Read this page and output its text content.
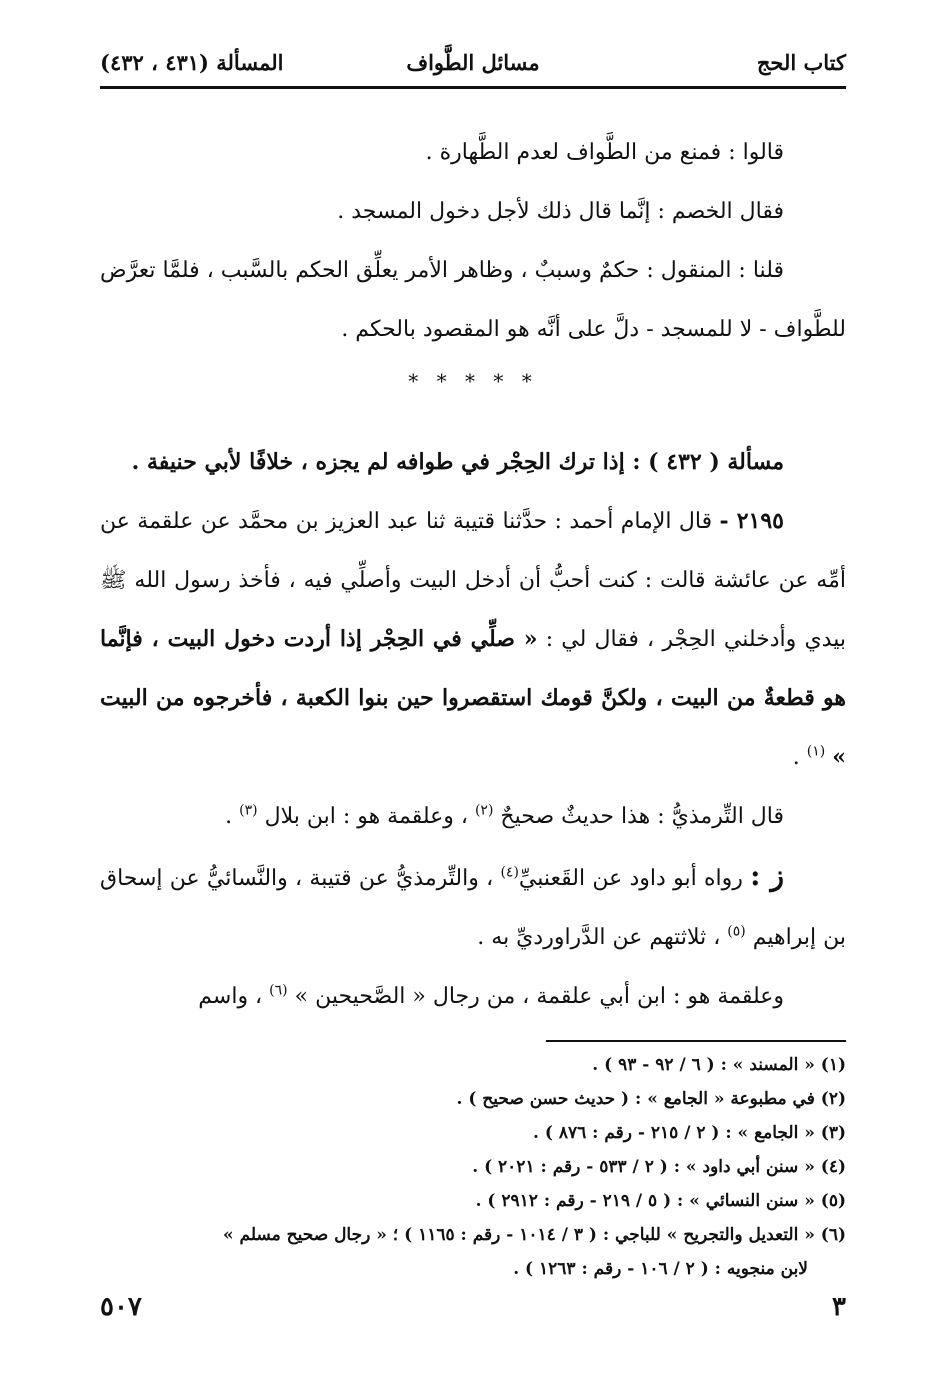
كتاب الحج
مسائل الطَّواف
المسألة (٤٣١ ، ٤٣٢)

قالوا : فمنع من الطَّواف لعدم الطَّهارة .

فقال الخصم : إنَّما قال ذلك لأجل دخول المسجد .

قلنا : المنقول : حكمٌ وسببٌ ، وظاهر الأمر يعلِّق الحكم بالسَّبب ، فلمَّا تعرَّض للطَّواف - لا للمسجد - دلَّ على أنَّه هو المقصود بالحكم .

* * * * *

مسألة ( ٤٣٢ ) : إذا ترك الحِجْر في طوافه لم يجزه ، خلافًا لأبي حنيفة .

٢١٩٥ - قال الإمام أحمد : حدَّثنا قتيبة ثنا عبد العزيز بن محمَّد عن علقمة عن أمِّه عن عائشة قالت : كنت أحبُّ أن أدخل البيت وأصلِّي فيه ، فأخذ رسول الله ﷺ بيدي وأدخلني الحِجْر ، فقال لي : « صلِّي في الحِجْر إذا أردت دخول البيت ، فإنَّما هو قطعةٌ من البيت ، ولكنَّ قومك استقصروا حين بنوا الكعبة ، فأخرجوه من البيت » $^{(١)}$ .

قال التِّرمذيُّ : هذا حديثٌ صحيحٌ $^{(٢)}$ ، وعلقمة هو : ابن بلال $^{(٣)}$ .

ز : رواه أبو داود عن القَعنبيِّ$^{(٤)}$ ، والتِّرمذيُّ عن قتيبة ، والنَّسائيُّ عن إسحاق بن إبراهيم $^{(٥)}$ ، ثلاثتهم عن الدَّراورديِّ به .

وعلقمة هو : ابن أبي علقمة ، من رجال « الصَّحيحين » $^{(٦)}$ ، واسم

(١) « المسند » : ( ٦ / ٩٢ - ٩٣ ) .

(٢) في مطبوعة « الجامع » : ( حديث حسن صحيح ) .

(٣) « الجامع » : ( ٢ / ٢١٥ - رقم : ٨٧٦ ) .

(٤) « سنن أبي داود » : ( ٢ / ٥٣٣ - رقم : ٢٠٢١ ) .

(٥) « سنن النسائي » : ( ٥ / ٢١٩ - رقم : ٢٩١٢ ) .

(٦) « التعديل والتجريح » للباجي : ( ٣ / ١٠١٤ - رقم : ١١٦٥ ) ؛ « رجال صحيح مسلم »

لابن منجويه : ( ٢ / ١٠٦ - رقم : ١٢٦٣ ) .

٣
٥٠٧
